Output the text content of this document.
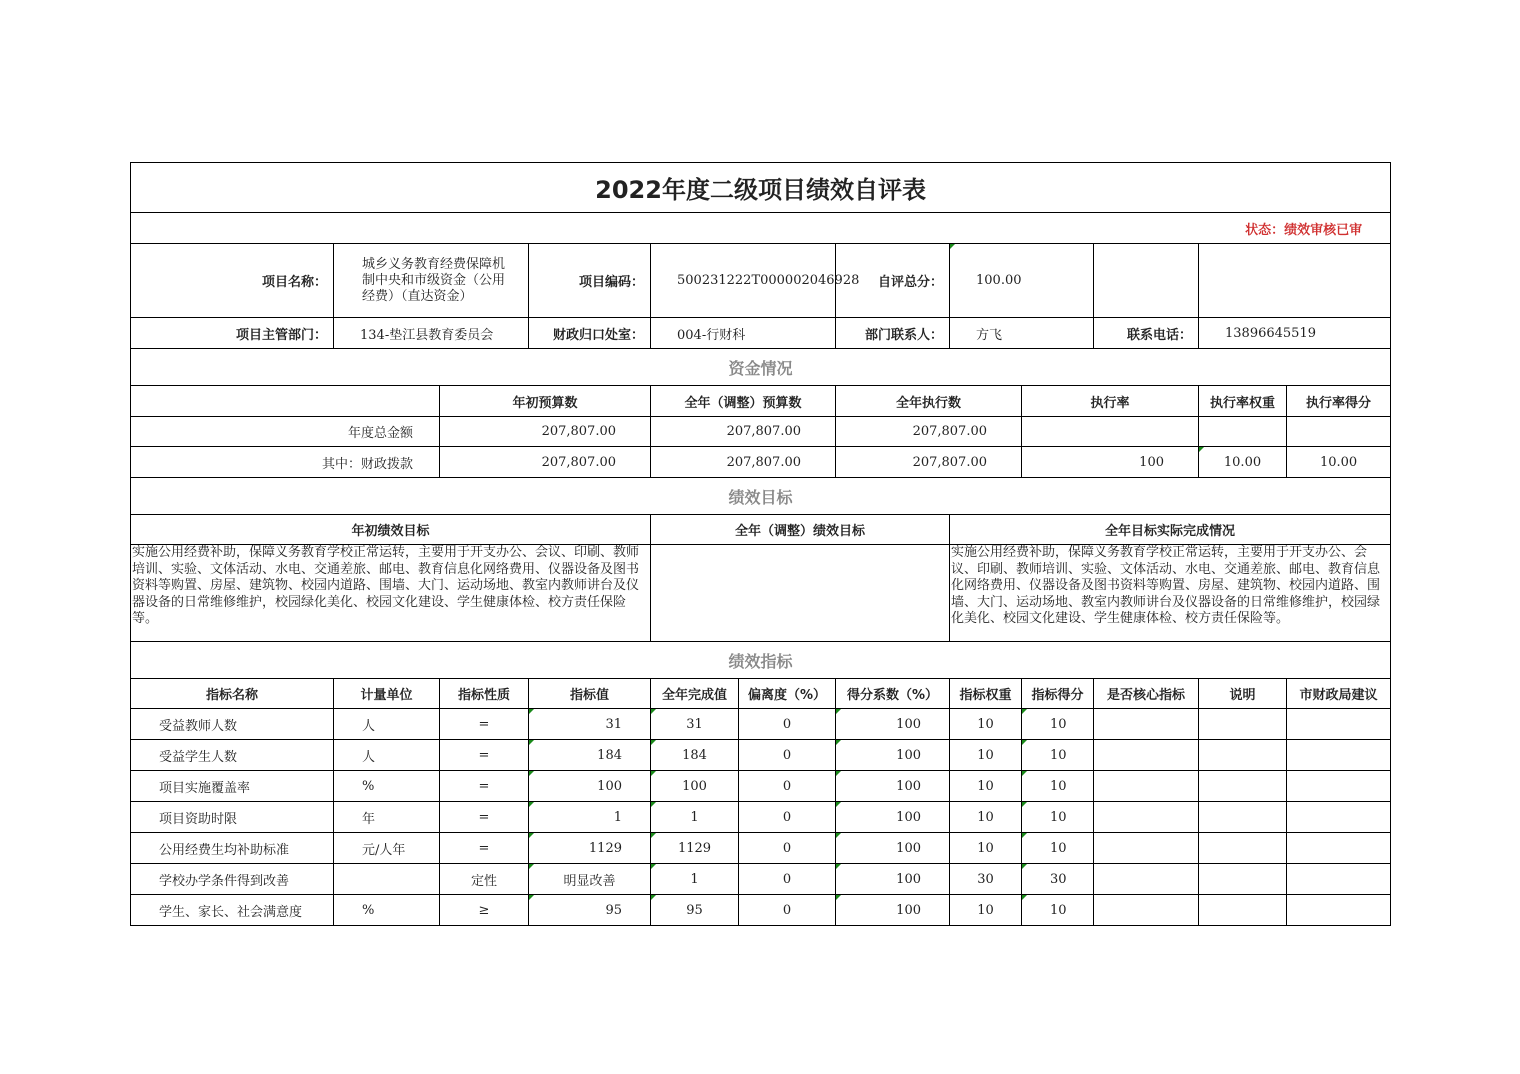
2022年度二级项目绩效自评表											
状态：绩效审核已审											
项目名称：	城乡义务教育经费保障机制中央和市级资金（公用经费）（直达资金）		项目编码：	500231222T000002046928		自评总分：	100.00				
项目主管部门：	134-垫江县教育委员会		财政归口处室：	004-行财科		部门联系人：	方飞		联系电话：	13896645519	
资金情况											
		年初预算数		全年（调整）预算数		全年执行数		执行率		执行率权重	执行率得分
年度总金额		207,807.00		207,807.00		207,807.00					
其中：财政拨款		207,807.00		207,807.00		207,807.00		100		10.00	10.00
绩效目标											
年初绩效目标				全年（调整）绩效目标			全年目标实际完成情况				

实施公用经费补助，保障义务教育学校正常运转，主要用于开支办公、会议、印刷、教师培训、实验、文体活动、水电、交通差旅、邮电、教育信息化网络费用、仪器设备及图书资料等购置、房屋、建筑物、校园内道路、围墙、大门、运动场地、教室内教师讲台及仪器设备的日常维修维护，校园绿化美化、校园文化建设、学生健康体检、校方责任保险等。							实施公用经费补助，保障义务教育学校正常运转，主要用于开支办公、会议、印刷、教师培训、实验、文体活动、水电、交通差旅、邮电、教育信息化网络费用、仪器设备及图书资料等购置、房屋、建筑物、校园内道路、围墙、大门、运动场地、教室内教师讲台及仪器设备的日常维修维护，校园绿化美化、校园文化建设、学生健康体检、校方责任保险等。				

绩效指标											
指标名称	计量单位	指标性质	指标值	全年完成值	偏离度（%）	得分系数（%）	指标权重	指标得分	是否核心指标	说明	市财政局建议
受益教师人数	人	=	31	31	0	100	10	10			
受益学生人数	人	=	184	184	0	100	10	10			
项目实施覆盖率	%	=	100	100	0	100	10	10			
项目资助时限	年	=	1	1	0	100	10	10			
公用经费生均补助标准	元/人年	=	1129	1129	0	100	10	10			
学校办学条件得到改善		定性	明显改善	1	0	100	30	30			
学生、家长、社会满意度	%	≥	95	95	0	100	10	10			
